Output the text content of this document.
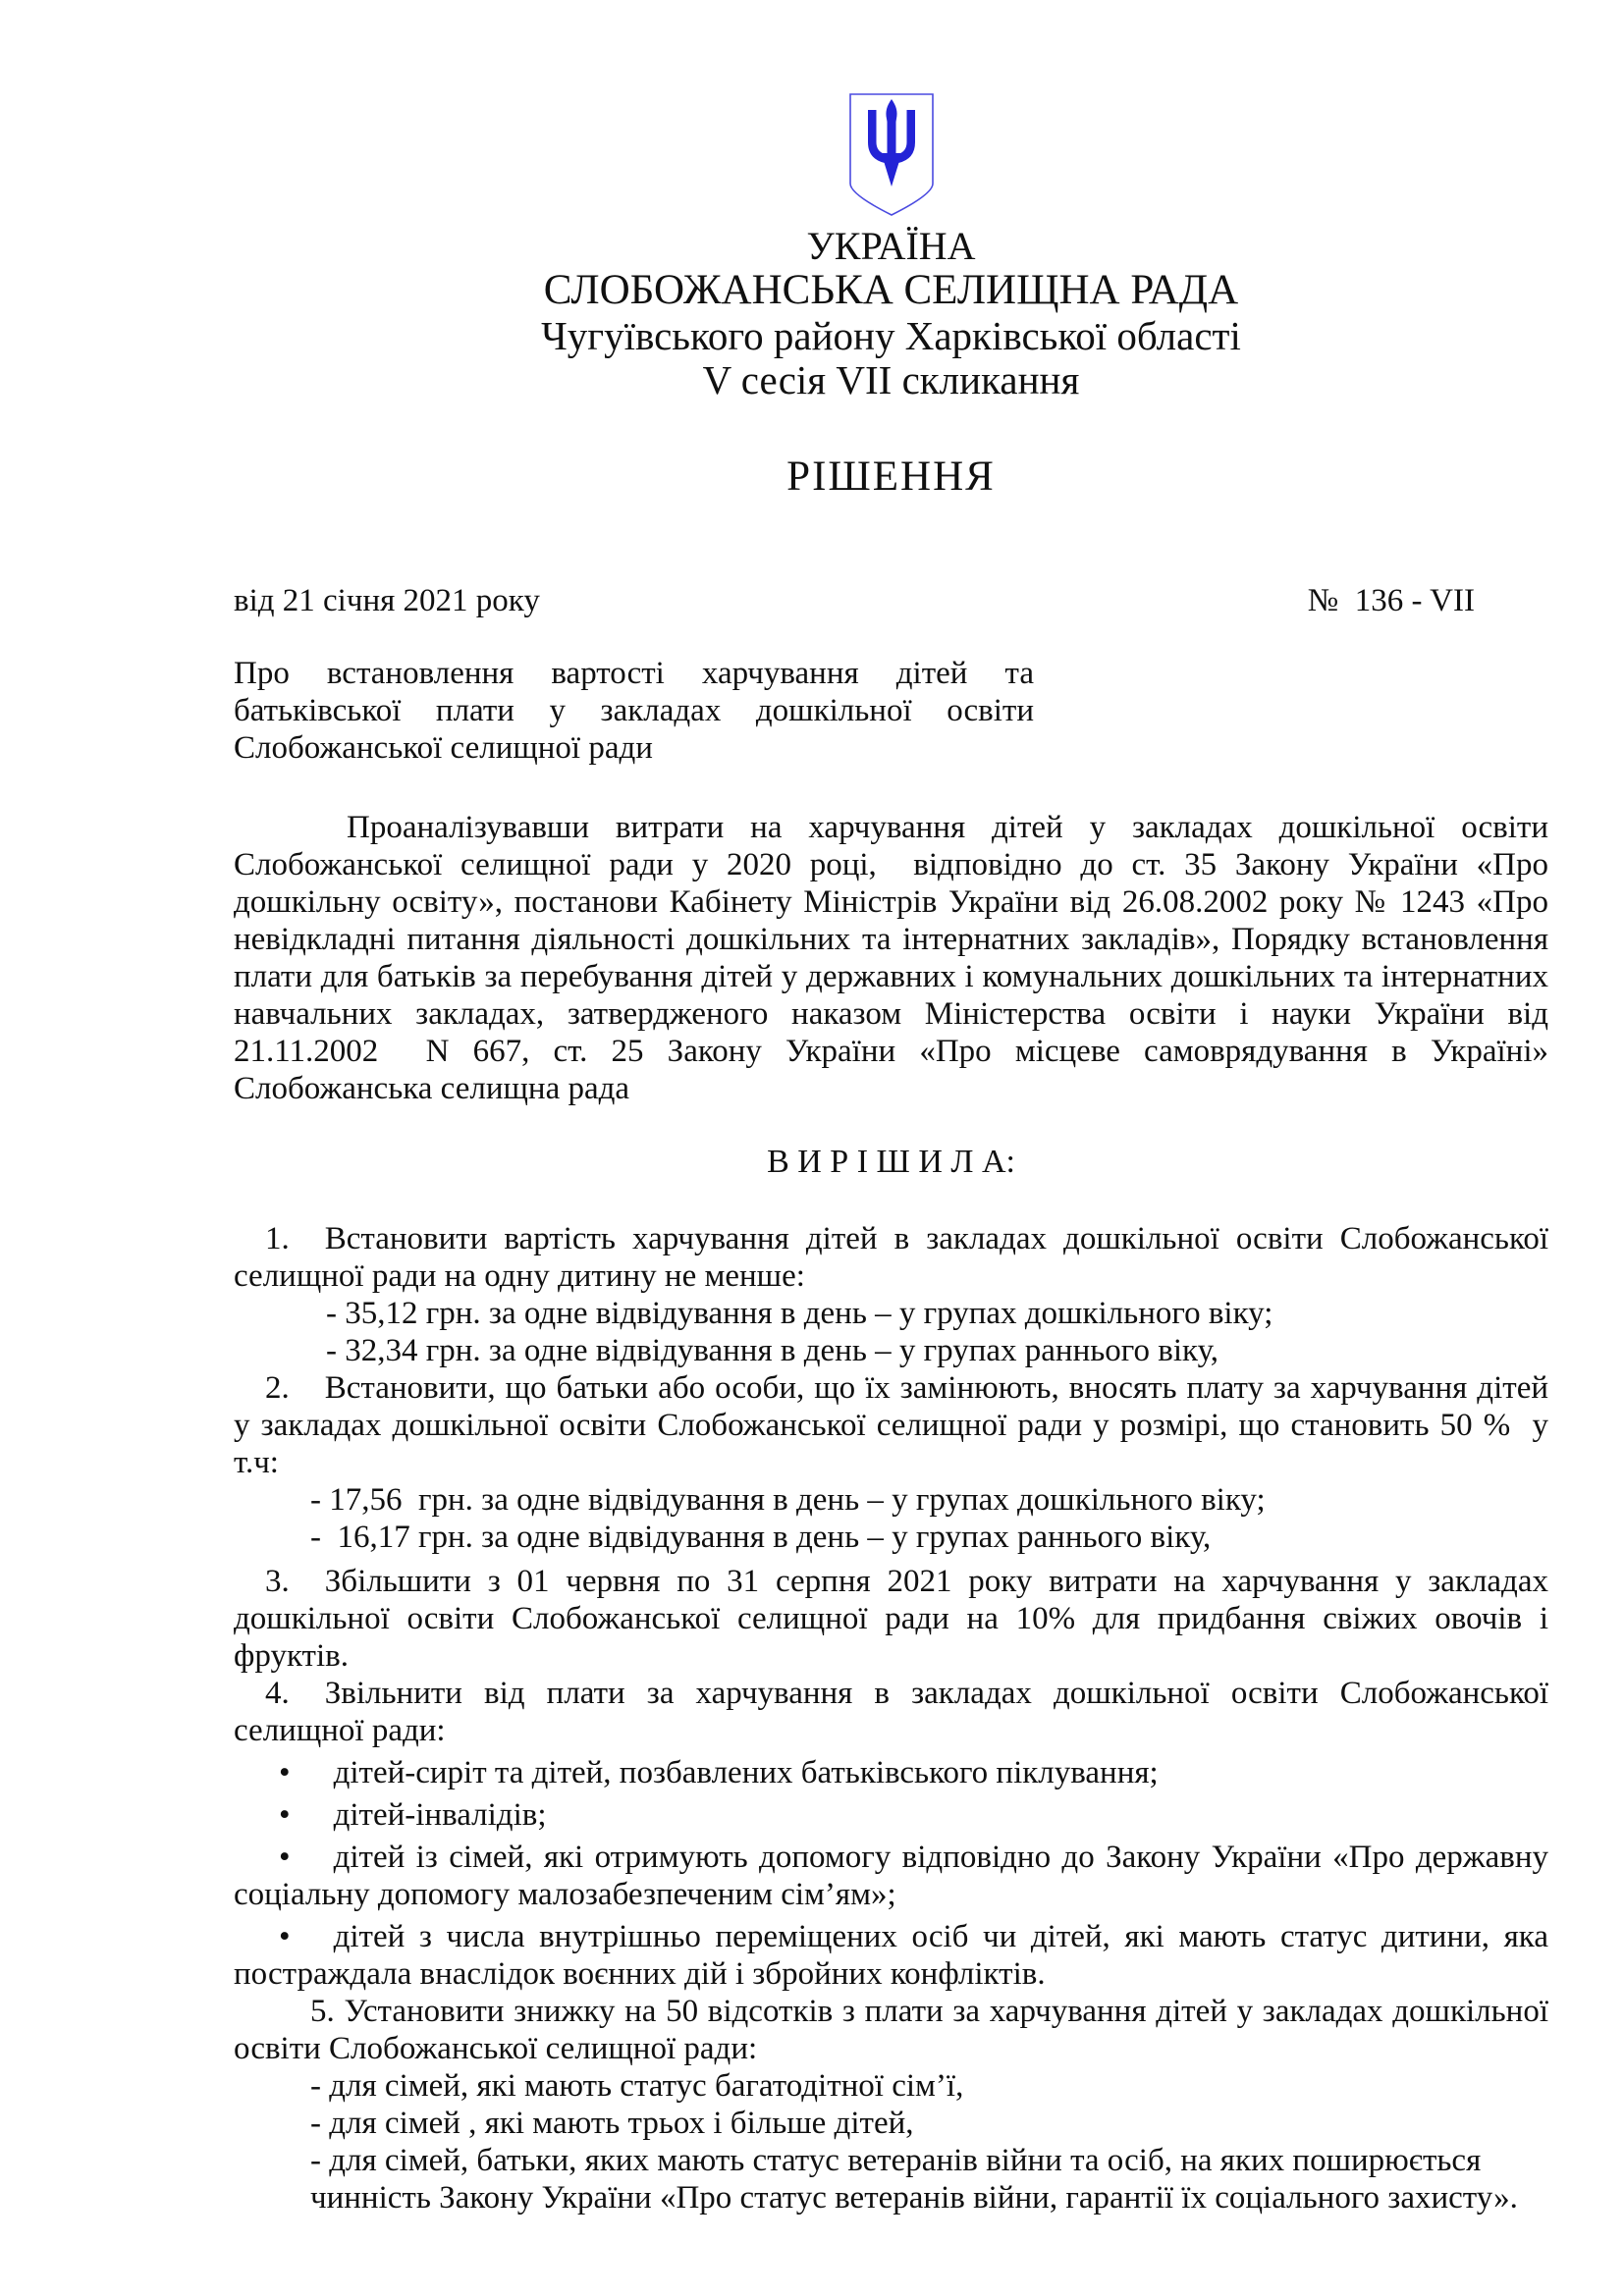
УКРАЇНА

СЛОБОЖАНСЬКА СЕЛИЩНА РАДА

Чугуївського району Харківської області

V сесія VII скликання

РІШЕННЯ

від 21 січня 2021 року	№  136 - VII

Про встановлення вартості харчування дітей та батьківської плати у закладах дошкільної освіти Слобожанської селищної ради

Проаналізувавши витрати на харчування дітей у закладах дошкільної освіти Слобожанської селищної ради у 2020 році,  відповідно до ст. 35 Закону України «Про дошкільну освіту», постанови Кабінету Міністрів України від 26.08.2002 року № 1243 «Про невідкладні питання діяльності дошкільних та інтернатних закладів», Порядку встановлення плати для батьків за перебування дітей у державних і комунальних дошкільних та інтернатних навчальних закладах, затвердженого наказом Міністерства освіти і науки України від 21.11.2002  N 667, ст. 25 Закону України «Про місцеве самоврядування в Україні» Слобожанська селищна рада

В И Р І Ш И Л А:

1. Встановити вартість харчування дітей в закладах дошкільної освіти Слобожанської селищної ради на одну дитину не менше:

- 35,12 грн. за одне відвідування в день – у групах дошкільного віку;

- 32,34 грн. за одне відвідування в день – у групах раннього віку,

2. Встановити, що батьки або особи, що їх замінюють, вносять плату за харчування дітей у закладах дошкільної освіти Слобожанської селищної ради у розмірі, що становить 50 %  у т.ч:

- 17,56  грн. за одне відвідування в день – у групах дошкільного віку;

-  16,17 грн. за одне відвідування в день – у групах раннього віку,

3. Збільшити з 01 червня по 31 серпня 2021 року витрати на харчування у закладах дошкільної освіти Слобожанської селищної ради на 10% для придбання свіжих овочів і фруктів.

4. Звільнити від плати за харчування в закладах дошкільної освіти Слобожанської селищної ради:

• дітей-сиріт та дітей, позбавлених батьківського піклування;

• дітей-інвалідів;

• дітей із сімей, які отримують допомогу відповідно до Закону України «Про державну соціальну допомогу малозабезпеченим сім’ям»;

• дітей з числа внутрішньо переміщених осіб чи дітей, які мають статус дитини, яка постраждала внаслідок воєнних дій і збройних конфліктів.

5. Установити знижку на 50 відсотків з плати за харчування дітей у закладах дошкільної освіти Слобожанської селищної ради:

- для сімей, які мають статус багатодітної сім’ї,

- для сімей , які мають трьох і більше дітей,

- для сімей, батьки, яких мають статус ветеранів війни та осіб, на яких поширюється чинність Закону України «Про статус ветеранів війни, гарантії їх соціального захисту».
